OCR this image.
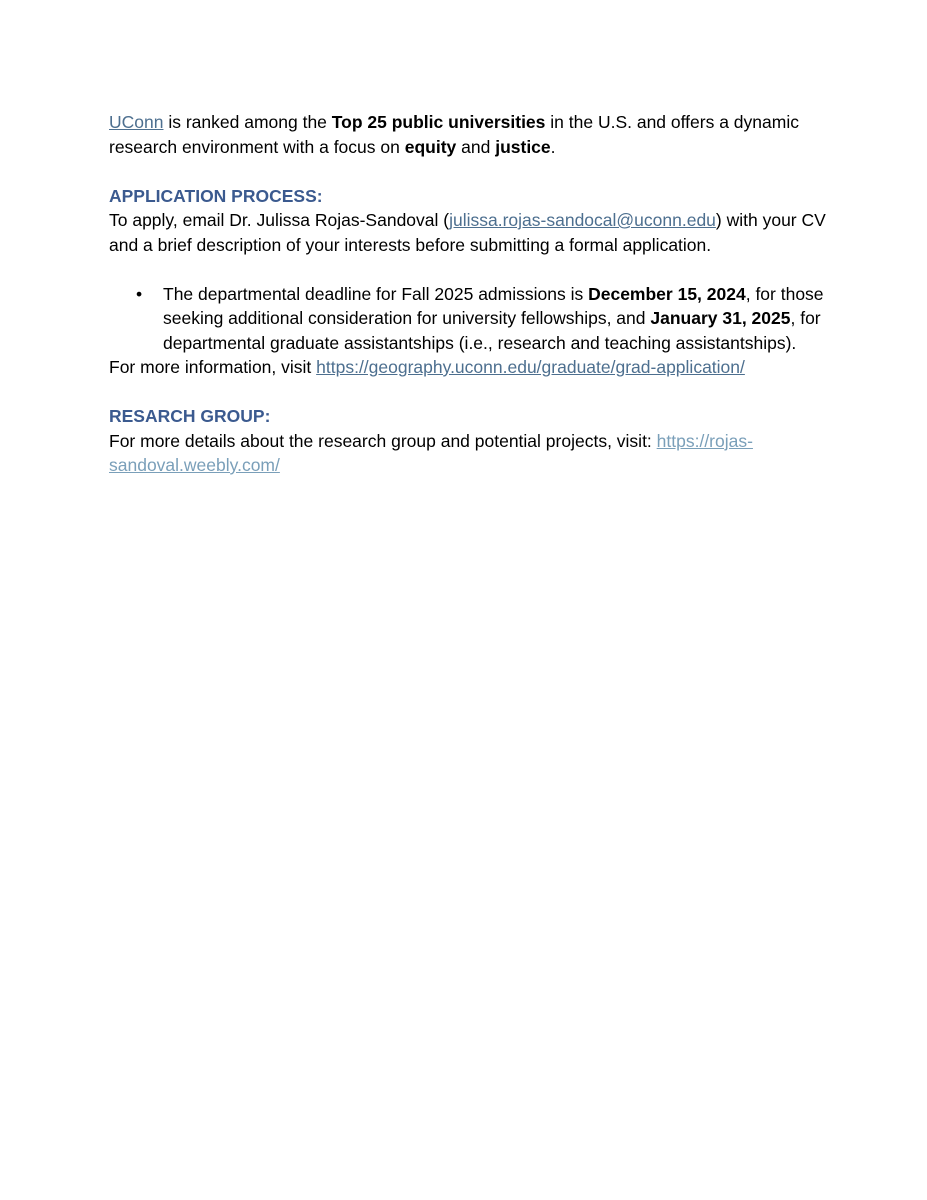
UConn is ranked among the Top 25 public universities in the U.S. and offers a dynamic research environment with a focus on equity and justice.

APPLICATION PROCESS:

To apply, email Dr. Julissa Rojas-Sandoval (julissa.rojas-sandocal@uconn.edu) with your CV and a brief description of your interests before submitting a formal application.

• The departmental deadline for Fall 2025 admissions is December 15, 2024, for those seeking additional consideration for university fellowships, and January 31, 2025, for departmental graduate assistantships (i.e., research and teaching assistantships).

For more information, visit https://geography.uconn.edu/graduate/grad-application/

RESARCH GROUP:

For more details about the research group and potential projects, visit: https://rojas-sandoval.weebly.com/
